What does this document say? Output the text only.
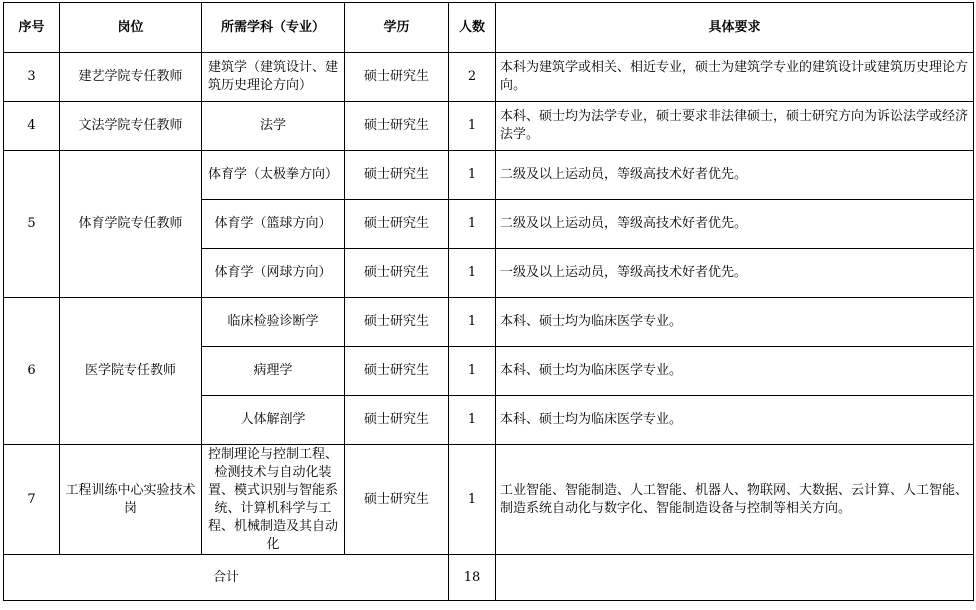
序号	岗位	所需学科（专业）	学历	人数	具体要求
3	建艺学院专任教师	建筑学（建筑设计、建筑历史理论方向）	硕士研究生	2	本科为建筑学或相关、相近专业，硕士为建筑学专业的建筑设计或建筑历史理论方向。
4	文法学院专任教师	法学	硕士研究生	1	本科、硕士均为法学专业，硕士要求非法律硕士，硕士研究方向为诉讼法学或经济法学。
5	体育学院专任教师	体育学（太极拳方向）	硕士研究生	1	二级及以上运动员，等级高技术好者优先。
		体育学（篮球方向）	硕士研究生	1	二级及以上运动员，等级高技术好者优先。
		体育学（网球方向）	硕士研究生	1	一级及以上运动员，等级高技术好者优先。
6	医学院专任教师	临床检验诊断学	硕士研究生	1	本科、硕士均为临床医学专业。
		病理学	硕士研究生	1	本科、硕士均为临床医学专业。
		人体解剖学	硕士研究生	1	本科、硕士均为临床医学专业。
7	工程训练中心实验技术岗	控制理论与控制工程、检测技术与自动化装置、模式识别与智能系统、计算机科学与工程、机械制造及其自动化	硕士研究生	1	工业智能、智能制造、人工智能、机器人、物联网、大数据、云计算、人工智能、制造系统自动化与数字化、智能制造设备与控制等相关方向。
合计				18	
